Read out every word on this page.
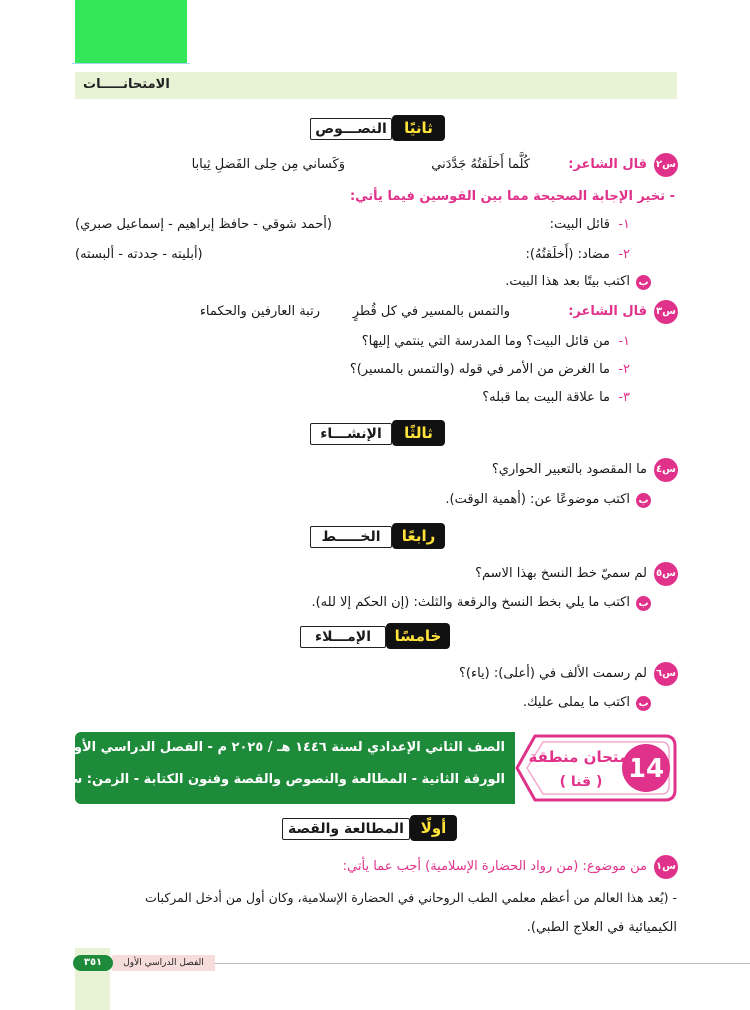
الامتحانـــــات
النصـــوص	ثانيًا
س٢
قال الشاعر:
كُلَّما أَخلَقتُهُ جَدَّدَني
وَكَساني مِن حِلى الفَضلِ ثِيابا
- تخير الإجابة الصحيحة مما بين القوسين فيما يأتي:
١-
قائل البيت:
(أحمد شوقي - حافظ إبراهيم - إسماعيل صبري)
٢-
مضاد: (أَخلَقتُهُ):
(أبليته - جددته - ألبسته)
ب
اكتب بيتًا بعد هذا البيت.
س٣
قال الشاعر:
والتمس بالمسير في كل قُطرٍ
رتبة العارفين والحكماء
١-
من قائل البيت؟ وما المدرسة التي ينتمي إليها؟
٢-
ما الغرض من الأمر في قوله (والتمس بالمسير)؟
٣-
ما علاقة البيت بما قبله؟
الإنشـــاء	ثالثًا
س٤
ما المقصود بالتعبير الحواري؟
ب
اكتب موضوعًا عن: (أهمية الوقت).
الخـــــط	رابعًا
س٥
لم سميّ خط النسخ بهذا الاسم؟
ب
اكتب ما يلي بخط النسخ والرقعة والثلث: (إن الحكم إلا لله).
الإمـــلاء	خامسًا
س٦
لم رسمت الألف في (أعلى): (ياء)؟
ب
اكتب ما يملى عليك.
الصف الثاني الإعدادي لسنة ١٤٤٦ هـ / ٢٠٢٥ م - الفصل الدراسي الأول
الورقة الثانية - المطالعة والنصوص والقصة وفنون الكتابة - الزمن: ساعتان	14
امتحان منطقة
( قنا )
المطالعة والقصة	أولًا
س١
من موضوع: (من رواد الحضارة الإسلامية) أجب عما يأتي:
- (يُعد هذا العالم من أعظم معلمي الطب الروحاني في الحضارة الإسلامية، وكان أول من أدخل المركبات
الكيميائية في العلاج الطبي).
الفصل الدراسي الأول
٣٥١
